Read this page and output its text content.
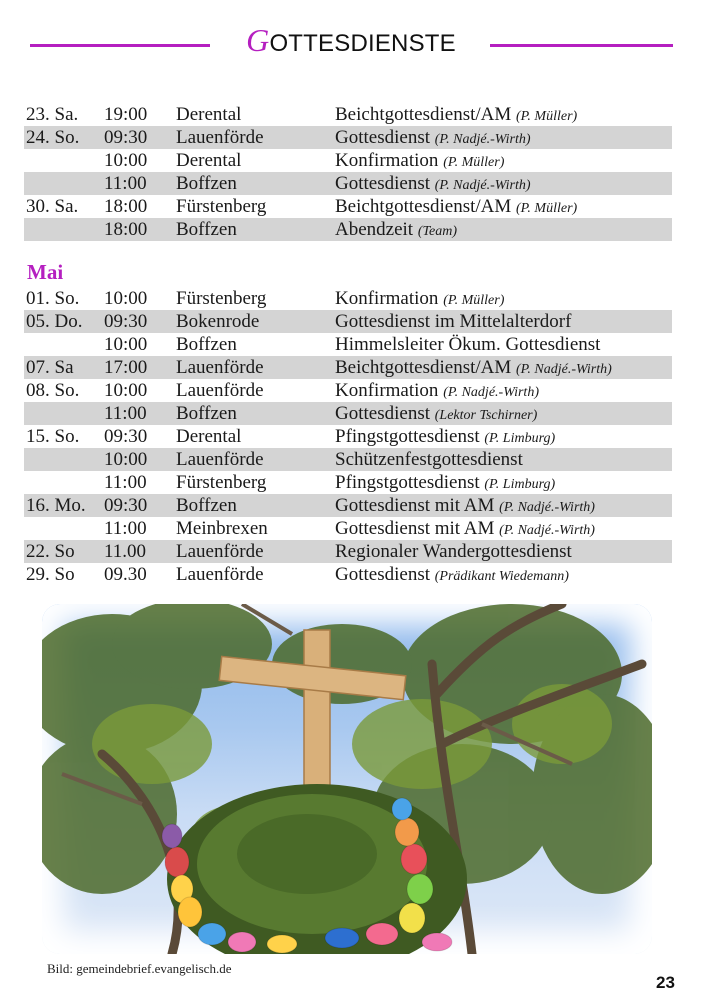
GOTTESDIENSTE
23. Sa. 19:00 Derental	Beichtgottesdienst/AM (P. Müller)
24. So. 09:30 Lauenförde	Gottesdienst (P. Nadjé.-Wirth)
10:00 Derental	Konfirmation (P. Müller)
11:00 Boffzen	Gottesdienst (P. Nadjé.-Wirth)
30. Sa. 18:00 Fürstenberg	Beichtgottesdienst/AM (P. Müller)
18:00 Boffzen	Abendzeit (Team)
Mai
01. So. 10:00 Fürstenberg	Konfirmation (P. Müller)
05. Do. 09:30 Bokenrode	Gottesdienst im Mittelalterdorf
10:00 Boffzen	Himmelsleiter Ökum. Gottesdienst
07. Sa 17:00 Lauenförde	Beichtgottesdienst/AM (P. Nadjé.-Wirth)
08. So. 10:00 Lauenförde	Konfirmation (P. Nadjé.-Wirth)
11:00 Boffzen	Gottesdienst (Lektor Tschirner)
15. So. 09:30 Derental	Pfingstgottesdienst (P. Limburg)
10:00 Lauenförde	Schützenfestgottesdienst
11:00 Fürstenberg	Pfingstgottesdienst (P. Limburg)
16. Mo. 09:30 Boffzen	Gottesdienst mit AM (P. Nadjé.-Wirth)
11:00 Meinbrexen	Gottesdienst mit AM (P. Nadjé.-Wirth)
22. So 11.00 Lauenförde	Regionaler Wandergottesdienst
29. So 09.30 Lauenförde	Gottesdienst (Prädikant Wiedemann)
Bild: gemeindebrief.evangelisch.de
23
